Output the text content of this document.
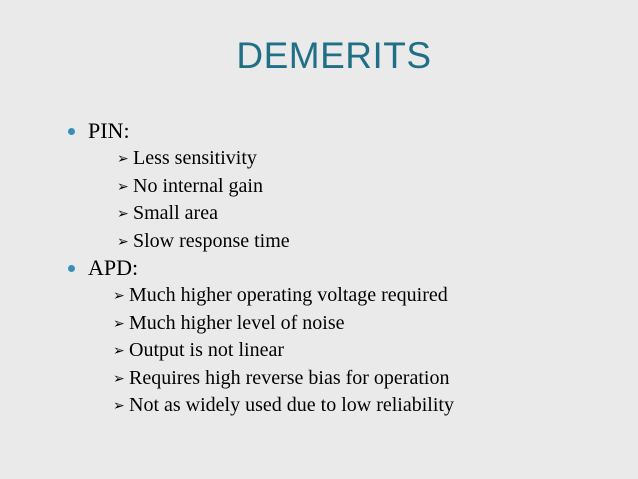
DEMERITS
PIN:
➢ Less sensitivity
➢ No internal gain
➢ Small area
➢ Slow response time
APD:
➢ Much higher operating voltage required
➢ Much higher level of noise
➢ Output is not linear
➢ Requires high reverse bias for operation
➢ Not as widely used due to low reliability
